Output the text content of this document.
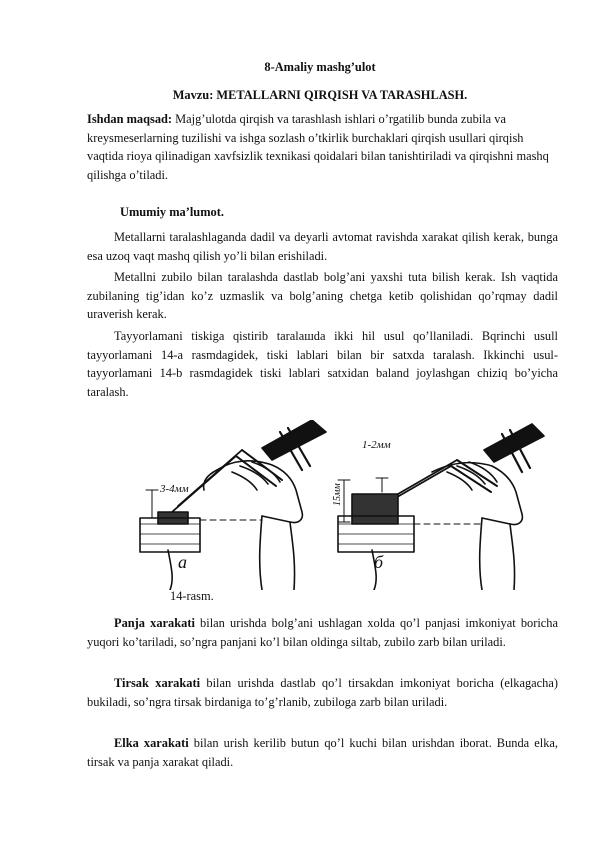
8-Amaliy mashg’ulot
Mavzu: METALLARNI QIRQISH VA TARASHLASH.
Ishdan maqsad: Majg’ulotda qirqish va tarashlash ishlari o’rgatilib bunda zubila va kreysmeserlarning tuzilishi va ishga sozlash o’tkirlik burchaklari qirqish usullari qirqish vaqtida rioya qilinadigan xavfsizlik texnikasi qoidalari bilan tanishtiriladi va qirqishni mashq qilishga o’tiladi.
Umumiy ma’lumot.
Metallarni taralashlaganda dadil va deyarli avtomat ravishda xarakat qilish kerak, bunga esa uzoq vaqt mashq qilish yo’li bilan erishiladi.
Metallni zubilo bilan taralashda dastlab bolg’ani yaxshi tuta bilish kerak. Ish vaqtida zubilaning tig’idan ko’z uzmaslik va bolg’aning chetga ketib qolishidan qo’rqmay dadil uraverish kerak.
Tayyorlamani tiskiga qistirib taralaшda ikki hil usul qo’llaniladi. Bqrinchi usull tayyorlamani 14-a rasmdagidek, tiski lablari bilan bir satxda taralash. Ikkinchi usul-tayyorlamani 14-b rasmdagidek tiski lablari satxidan baland joylashgan chiziq bo’yicha taralash.
3-4мм
1-2мм
15мм
а	б
14-rasm.
Panja xarakati bilan urishda bolg’ani ushlagan xolda qo’l panjasi imkoniyat boricha yuqori ko’tariladi, so’ngra panjani ko’l bilan oldinga siltab, zubilo zarb bilan uriladi.
Tirsak xarakati bilan urishda dastlab qo’l tirsakdan imkoniyat boricha (elkagacha) bukiladi, so’ngra tirsak birdaniga to’g’rlanib, zubiloga zarb bilan uriladi.
Elka xarakati bilan urish kerilib butun qo’l kuchi bilan urishdan iborat. Bunda elka, tirsak va panja xarakat qiladi.
